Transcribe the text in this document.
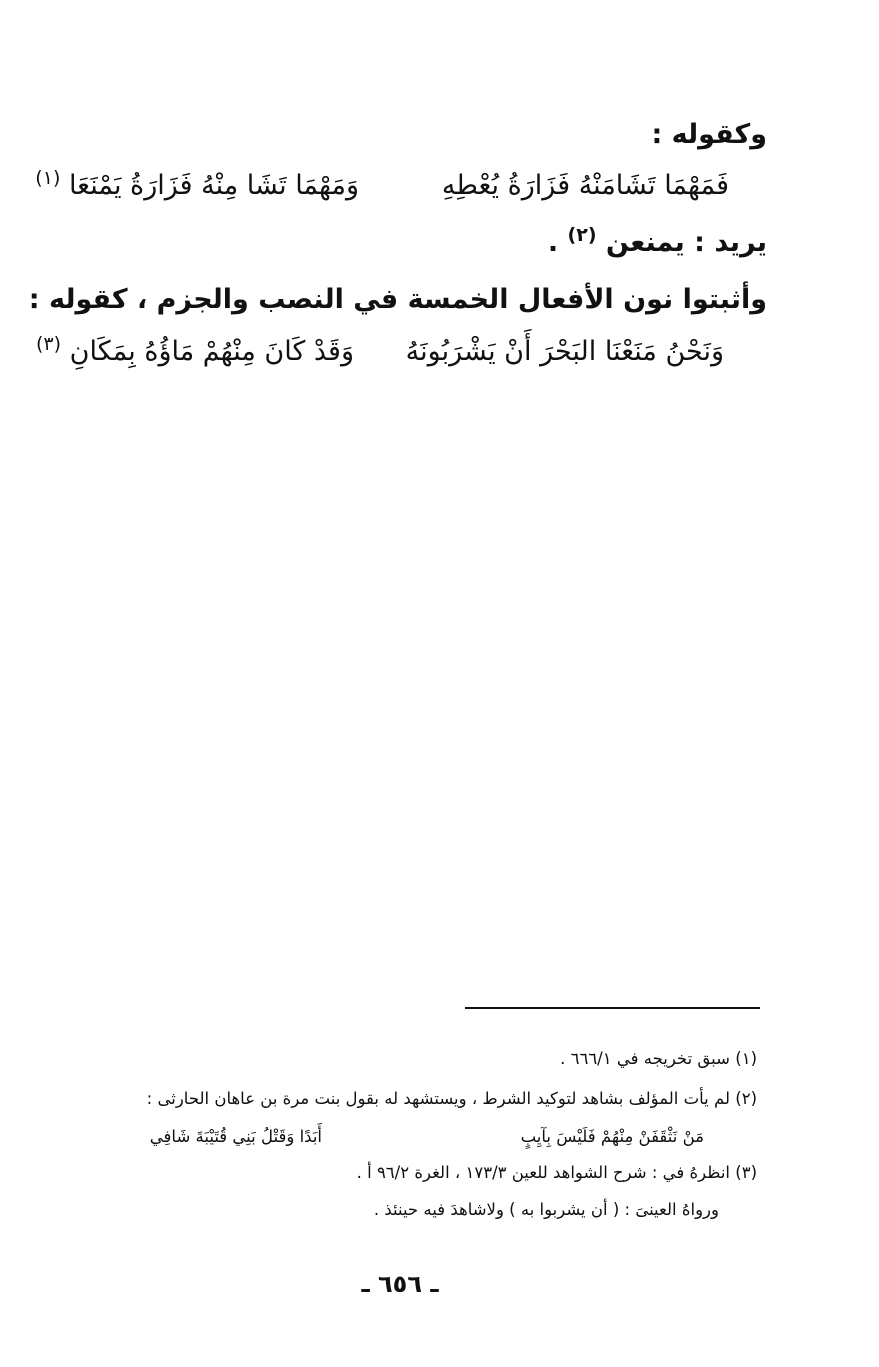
وكقوله :
فَمَهْمَا تَشَامَنْهُ فَزَارَةُ يُعْطِهِ
وَمَهْمَا تَشَا مِنْهُ فَزَارَةُ يَمْنَعَا $^{(١)}$
يريد : يمنعن $^{(٢)}$ .
وأثبتوا نون الأفعال الخمسة في النصب والجزم ، كقوله :
وَنَحْنُ مَنَعْنَا البَحْرَ أَنْ يَشْرَبُونَهُ
وَقَدْ كَانَ مِنْهُمْ مَاؤُهُ بِمَكَانِ $^{(٣)}$
(١) سبق تخريجه في ٦٦٦/١ .
(٢) لم يأت المؤلف بشاهد لتوكيد الشرط ، ويستشهد له بقول بنت مرة بن عاهان الحارثى :
مَنْ نَثْقَفَنْ مِنْهُمْ فَلَيْسَ بِآيِبٍ
أَبَدًا وَقَتْلُ بَنِي قُتَيْبَةَ شَافِي
(٣) انظرهُ في : شرح الشواهد للعين ١٧٣/٣ ، الغرة ٩٦/٢ أ .
ورواهُ العينىَ : ( أن يشربوا به ) ولاشاهدَ فيه حينئذ .
ـ ٦٥٦ ـ
